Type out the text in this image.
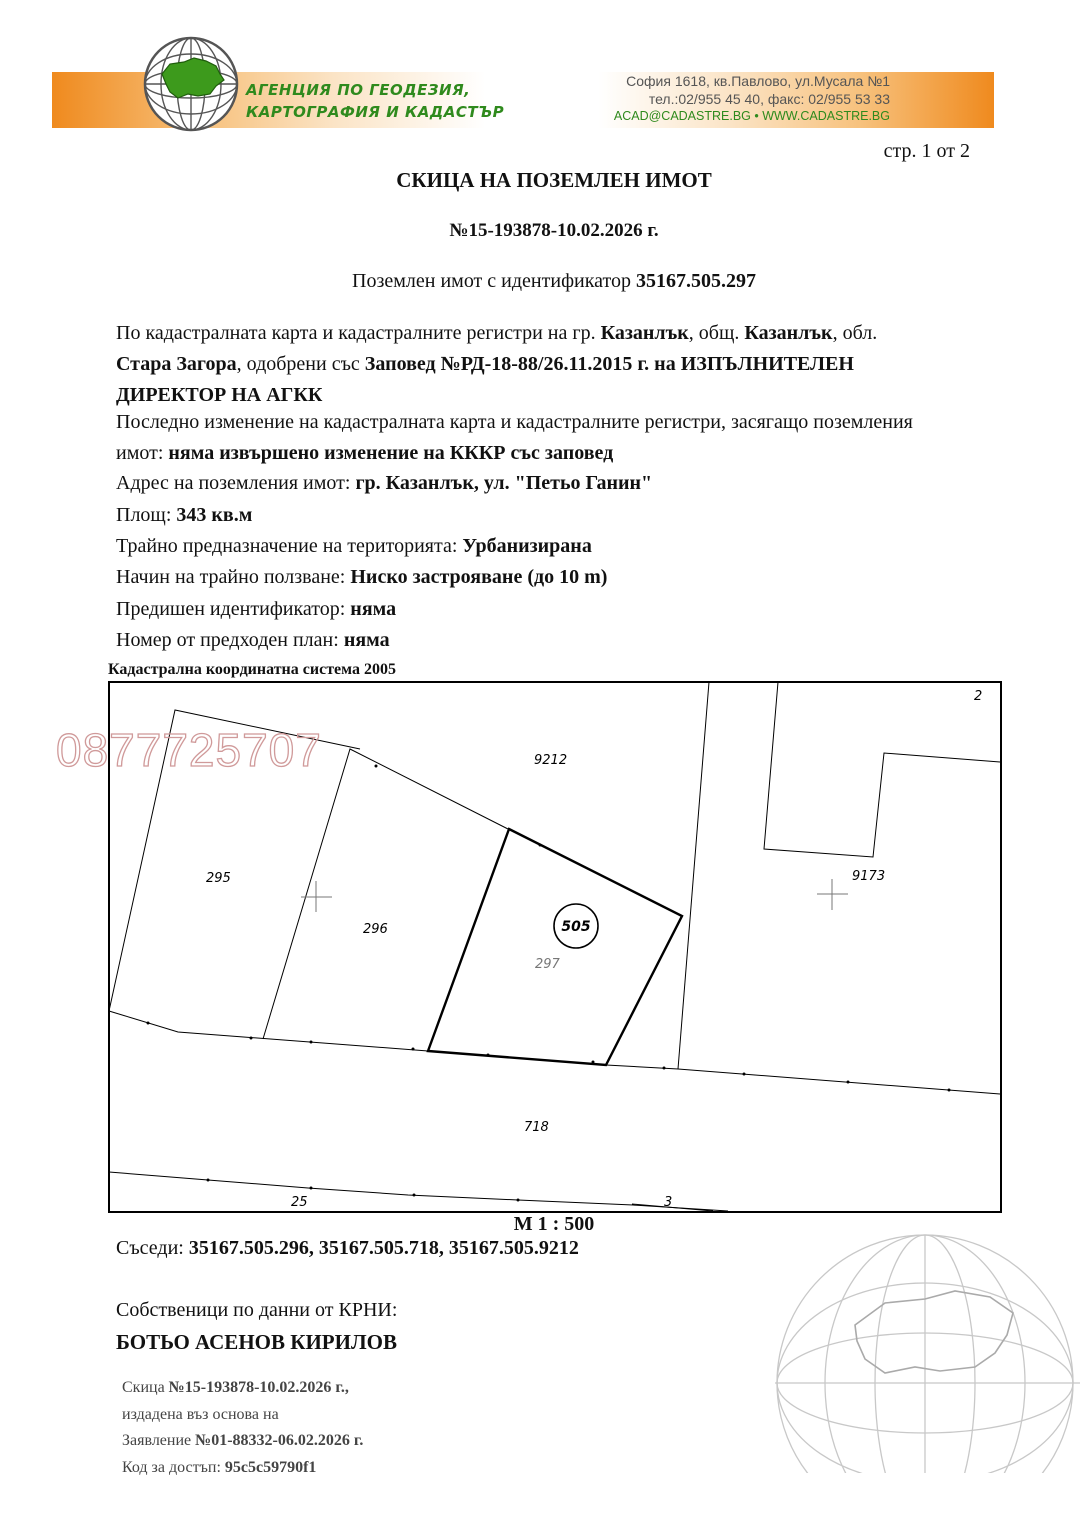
АГЕНЦИЯ ПО ГЕОДЕЗИЯ,
КАРТОГРАФИЯ И КАДАСТЪР
София 1618, кв.Павлово, ул.Мусала №1
тел.:02/955 45 40, факс: 02/955 53 33
ACAD@CADASTRE.BG • WWW.CADASTRE.BG
стр. 1 от 2
СКИЦА НА ПОЗЕМЛЕН ИМОТ
№15-193878-10.02.2026 г.
Поземлен имот с идентификатор 35167.505.297
По кадастралната карта и кадастралните регистри на гр. Казанлък, общ. Казанлък, обл.
Стара Загора, одобрени със Заповед №РД-18-88/26.11.2015 г. на ИЗПЪЛНИТЕЛЕН
ДИРЕКТОР НА АГКК
Последно изменение на кадастралната карта и кадастралните регистри, засягащо поземления
имот: няма извършено изменение на КККР със заповед
Адрес на поземления имот: гр. Казанлък, ул. "Петьо Ганин"
Площ: 343 кв.м
Трайно предназначение на територията: Урбанизирана
Начин на трайно ползване: Ниско застрояване (до 10 m)
Предишен идентификатор: няма
Номер от предходен план: няма
Кадастрална координатна система 2005
505
2
9212
295
296
297
9173
718
25	3
0877725707
М 1 : 500
Съседи: 35167.505.296, 35167.505.718, 35167.505.9212
Собственици по данни от КРНИ:
БОТЬО АСЕНОВ КИРИЛОВ
Скица №15-193878-10.02.2026 г.,
издадена въз основа на
Заявление №01-88332-06.02.2026 г.
Код за достъп: 95c5c59790f1
